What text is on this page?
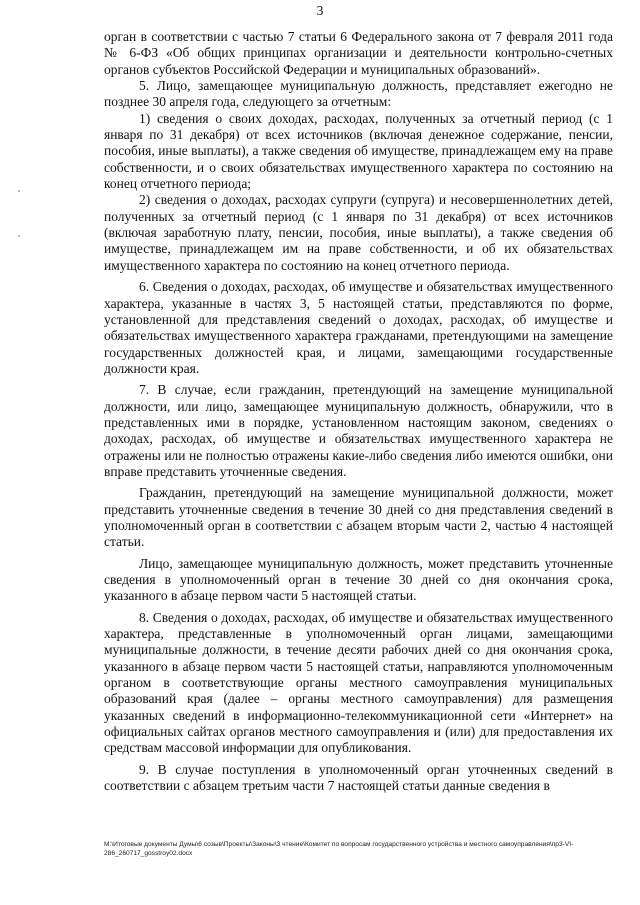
3

орган в соответствии с частью 7 статьи 6 Федерального закона от 7 февраля 2011 года № 6-ФЗ «Об общих принципах организации и деятельности контрольно-счетных органов субъектов Российской Федерации и муниципальных образований».

5. Лицо, замещающее муниципальную должность, представляет ежегодно не позднее 30 апреля года, следующего за отчетным:

1) сведения о своих доходах, расходах, полученных за отчетный период (с 1 января по 31 декабря) от всех источников (включая денежное содержание, пенсии, пособия, иные выплаты), а также сведения об имуществе, принадлежащем ему на праве собственности, и о своих обязательствах имущественного характера по состоянию на конец отчетного периода;

2) сведения о доходах, расходах супруги (супруга) и несовершеннолетних детей, полученных за отчетный период (с 1 января по 31 декабря) от всех источников (включая заработную плату, пенсии, пособия, иные выплаты), а также сведения об имуществе, принадлежащем им на праве собственности, и об их обязательствах имущественного характера по состоянию на конец отчетного периода.

6. Сведения о доходах, расходах, об имуществе и обязательствах имущественного характера, указанные в частях 3, 5 настоящей статьи, представляются по форме, установленной для представления сведений о доходах, расходах, об имуществе и обязательствах имущественного характера гражданами, претендующими на замещение государственных должностей края, и лицами, замещающими государственные должности края.

7. В случае, если гражданин, претендующий на замещение муниципальной должности, или лицо, замещающее муниципальную должность, обнаружили, что в представленных ими в порядке, установленном настоящим законом, сведениях о доходах, расходах, об имуществе и обязательствах имущественного характера не отражены или не полностью отражены какие-либо сведения либо имеются ошибки, они вправе представить уточненные сведения.

Гражданин, претендующий на замещение муниципальной должности, может представить уточненные сведения в течение 30 дней со дня представления сведений в уполномоченный орган в соответствии с абзацем вторым части 2, частью 4 настоящей статьи.

Лицо, замещающее муниципальную должность, может представить уточненные сведения в уполномоченный орган в течение 30 дней со дня окончания срока, указанного в абзаце первом части 5 настоящей статьи.

8. Сведения о доходах, расходах, об имуществе и обязательствах имущественного характера, представленные в уполномоченный орган лицами, замещающими муниципальные должности, в течение десяти рабочих дней со дня окончания срока, указанного в абзаце первом части 5 настоящей статьи, направляются уполномоченным органом в соответствующие органы местного самоуправления муниципальных образований края (далее – органы местного самоуправления) для размещения указанных сведений в информационно-телекоммуникационной сети «Интернет» на официальных сайтах органов местного самоуправления и (или) для предоставления их средствам массовой информации для опубликования.

9. В случае поступления в уполномоченный орган уточненных сведений в соответствии с абзацем третьим части 7 настоящей статьи данные сведения в

M:\Итоговые документы Думы\6 созыв\Проекты\Законы\3 чтение\Комитет по вопросам государственного устройства и местного самоуправления\пр3-VI-286_260717_gosstroy02.docx
